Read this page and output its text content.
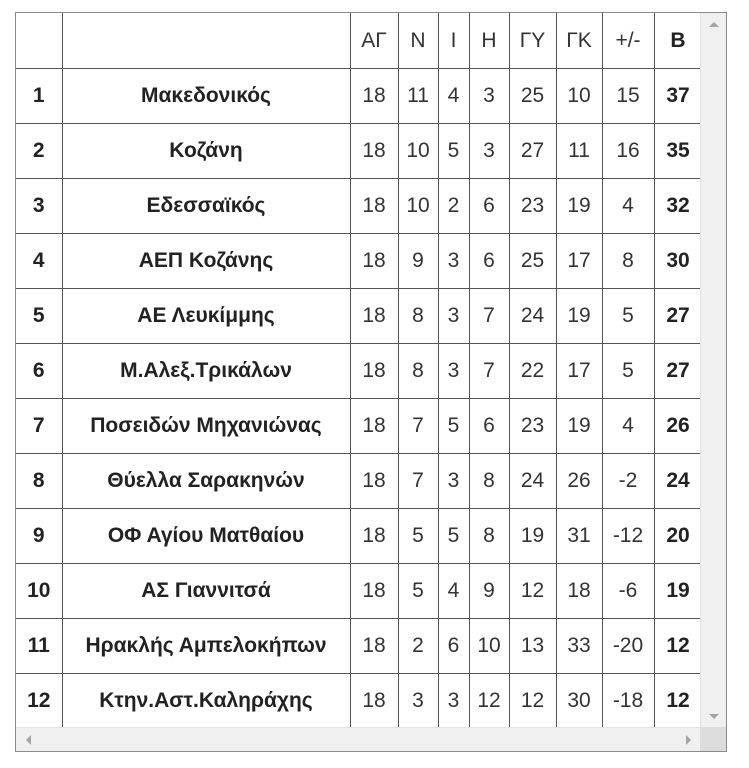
		ΑΓ	Ν	Ι	Η	ΓΥ	ΓΚ	+/-	Β
1	Μακεδονικός	18	11	4	3	25	10	15	37
2	Κοζάνη	18	10	5	3	27	11	16	35
3	Εδεσσαϊκός	18	10	2	6	23	19	4	32
4	ΑΕΠ Κοζάνης	18	9	3	6	25	17	8	30
5	ΑΕ Λευκίμμης	18	8	3	7	24	19	5	27
6	Μ.Αλεξ.Τρικάλων	18	8	3	7	22	17	5	27
7	Ποσειδών Μηχανιώνας	18	7	5	6	23	19	4	26
8	Θύελλα Σαρακηνών	18	7	3	8	24	26	-2	24
9	ΟΦ Αγίου Ματθαίου	18	5	5	8	19	31	-12	20
10	ΑΣ Γιαννιτσά	18	5	4	9	12	18	-6	19
11	Ηρακλής Αμπελοκήπων	18	2	6	10	13	33	-20	12
12	Κτην.Αστ.Καληράχης	18	3	3	12	12	30	-18	12
